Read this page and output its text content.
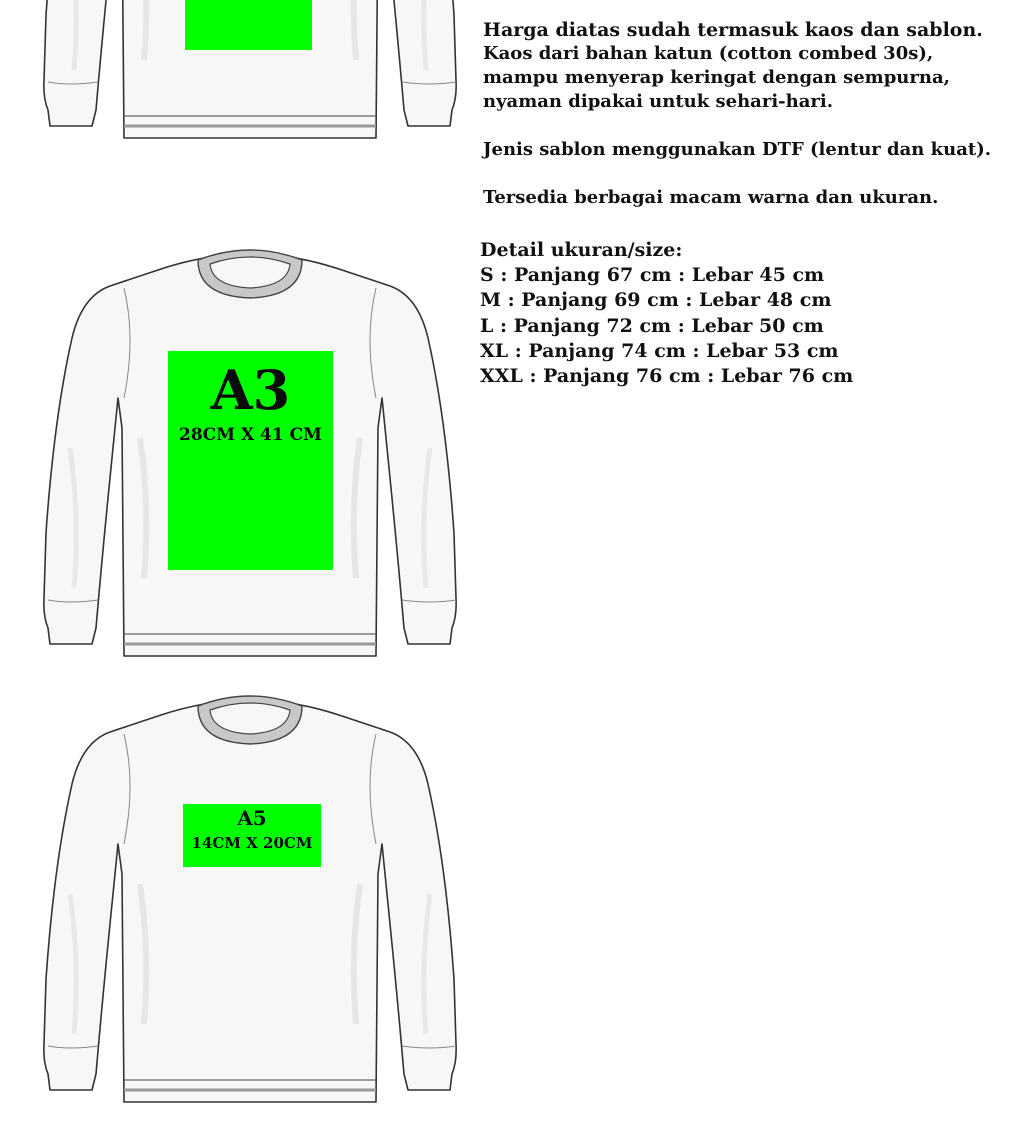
A3
28CM X 41 CM
A5
14CM X 20CM

Harga diatas sudah termasuk kaos dan sablon.

Kaos dari bahan katun (cotton combed 30s),

mampu menyerap keringat dengan sempurna,

nyaman dipakai untuk sehari-hari.

Jenis sablon menggunakan DTF (lentur dan kuat).

Tersedia berbagai macam warna dan ukuran.

Detail ukuran/size:

S : Panjang 67 cm : Lebar 45 cm

M : Panjang 69 cm : Lebar 48 cm

L : Panjang 72 cm : Lebar 50 cm

XL : Panjang 74 cm : Lebar 53 cm

XXL : Panjang 76 cm : Lebar 76 cm
